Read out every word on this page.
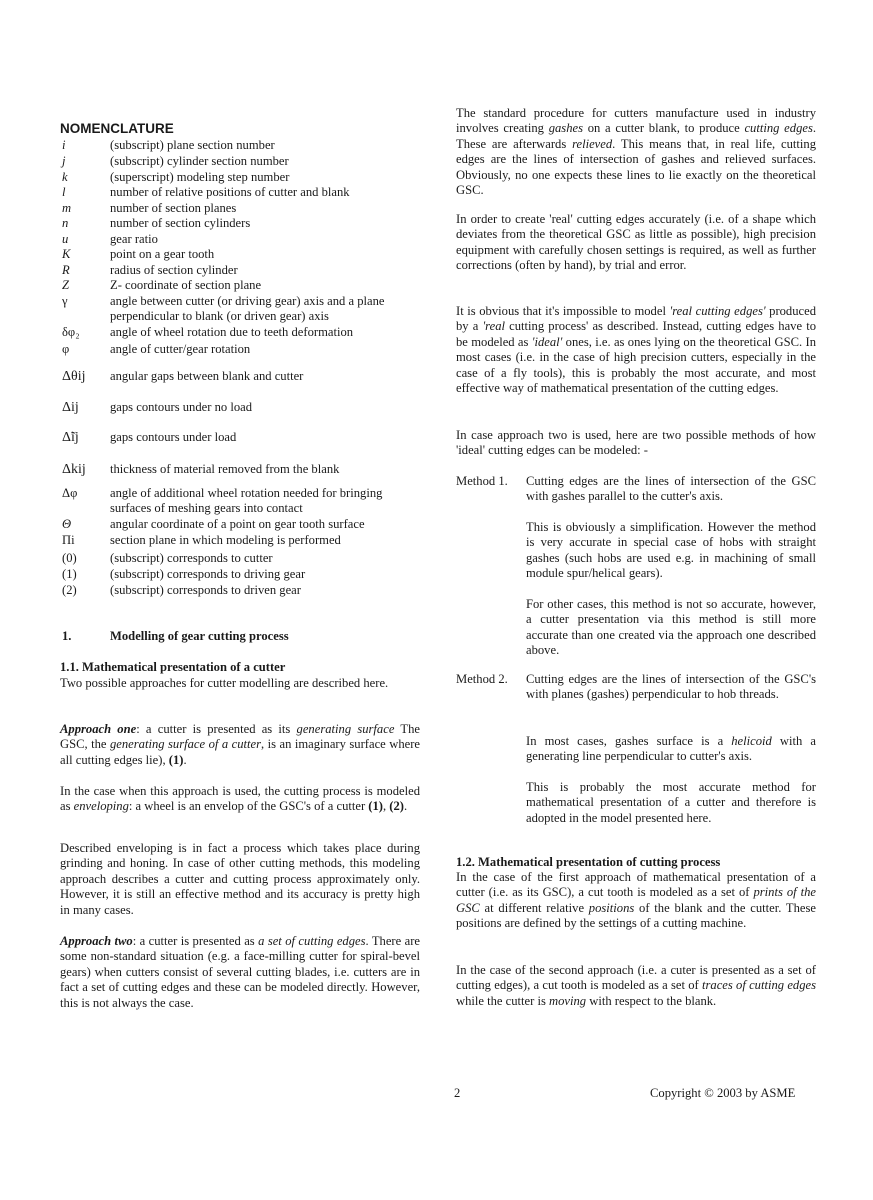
NOMENCLATURE
i	(subscript) plane section number
j	(subscript) cylinder section number
k	(superscript) modeling step number
l	number of relative positions of cutter and blank
m	number of section planes
n	number of section cylinders
u	gear ratio
K	point on a gear tooth
R	radius of section cylinder
Z	Z- coordinate of section plane
γ	angle between cutter (or driving gear) axis and a plane perpendicular to blank (or driven gear) axis
δφ₂ angle of wheel rotation due to teeth deformation
φ	angle of cutter/gear rotation
Δθij angular gaps between blank and cutter
Δij gaps contours under no load
Δ̃ij gaps contours under load
Δkij thickness of material removed from the blank
Δφ	angle of additional wheel rotation needed for bringing surfaces of meshing gears into contact
Θ	angular coordinate of a point on gear tooth surface
Πi	section plane in which modeling is performed
(0)	(subscript) corresponds to cutter
(1)	(subscript) corresponds to driving gear
(2)	(subscript) corresponds to driven gear
1.	Modelling of gear cutting process
1.1. Mathematical presentation of a cutter

Two possible approaches for cutter modelling are described here.

Approach one: a cutter is presented as its generating surface The GSC, the generating surface of a cutter, is an imaginary surface where all cutting edges lie), (1).

In the case when this approach is used, the cutting process is modeled as enveloping: a wheel is an envelop of the GSC's of a cutter (1), (2).

Described enveloping is in fact a process which takes place during grinding and honing. In case of other cutting methods, this modeling approach describes a cutter and cutting process approximately only. However, it is still an effective method and its accuracy is pretty high in many cases.

Approach two: a cutter is presented as a set of cutting edges. There are some non-standard situation (e.g. a face-milling cutter for spiral-bevel gears) when cutters consist of several cutting blades, i.e. cutters are in fact a set of cutting edges and these can be modeled directly. However, this is not always the case.

The standard procedure for cutters manufacture used in industry involves creating gashes on a cutter blank, to produce cutting edges. These are afterwards relieved. This means that, in real life, cutting edges are the lines of intersection of gashes and relieved surfaces. Obviously, no one expects these lines to lie exactly on the theoretical GSC.

In order to create 'real' cutting edges accurately (i.e. of a shape which deviates from the theoretical GSC as little as possible), high precision equipment with carefully chosen settings is required, as well as further corrections (often by hand), by trial and error.

It is obvious that it's impossible to model 'real cutting edges' produced by a 'real cutting process' as described. Instead, cutting edges have to be modeled as 'ideal' ones, i.e. as ones lying on the theoretical GSC. In most cases (i.e. in the case of high precision cutters, especially in the case of a fly tools), this is probably the most accurate, and most effective way of mathematical presentation of the cutting edges.

In case approach two is used, here are two possible methods of how 'ideal' cutting edges can be modeled: -

Method 1. Cutting edges are the lines of intersection of the GSC with gashes parallel to the cutter's axis.

This is obviously a simplification. However the method is very accurate in special case of hobs with straight gashes (such hobs are used e.g. in machining of small module spur/helical gears).

For other cases, this method is not so accurate, however, a cutter presentation via this method is still more accurate than one created via the approach one described above.

Method 2. Cutting edges are the lines of intersection of the GSC's with planes (gashes) perpendicular to hob threads.

In most cases, gashes surface is a helicoid with a generating line perpendicular to cutter's axis.

This is probably the most accurate method for mathematical presentation of a cutter and therefore is adopted in the model presented here.

1.2. Mathematical presentation of cutting process

In the case of the first approach of mathematical presentation of a cutter (i.e. as its GSC), a cut tooth is modeled as a set of prints of the GSC at different relative positions of the blank and the cutter. These positions are defined by the settings of a cutting machine.

In the case of the second approach (i.e. a cuter is presented as a set of cutting edges), a cut tooth is modeled as a set of traces of cutting edges while the cutter is moving with respect to the blank.

2	Copyright © 2003 by ASME
